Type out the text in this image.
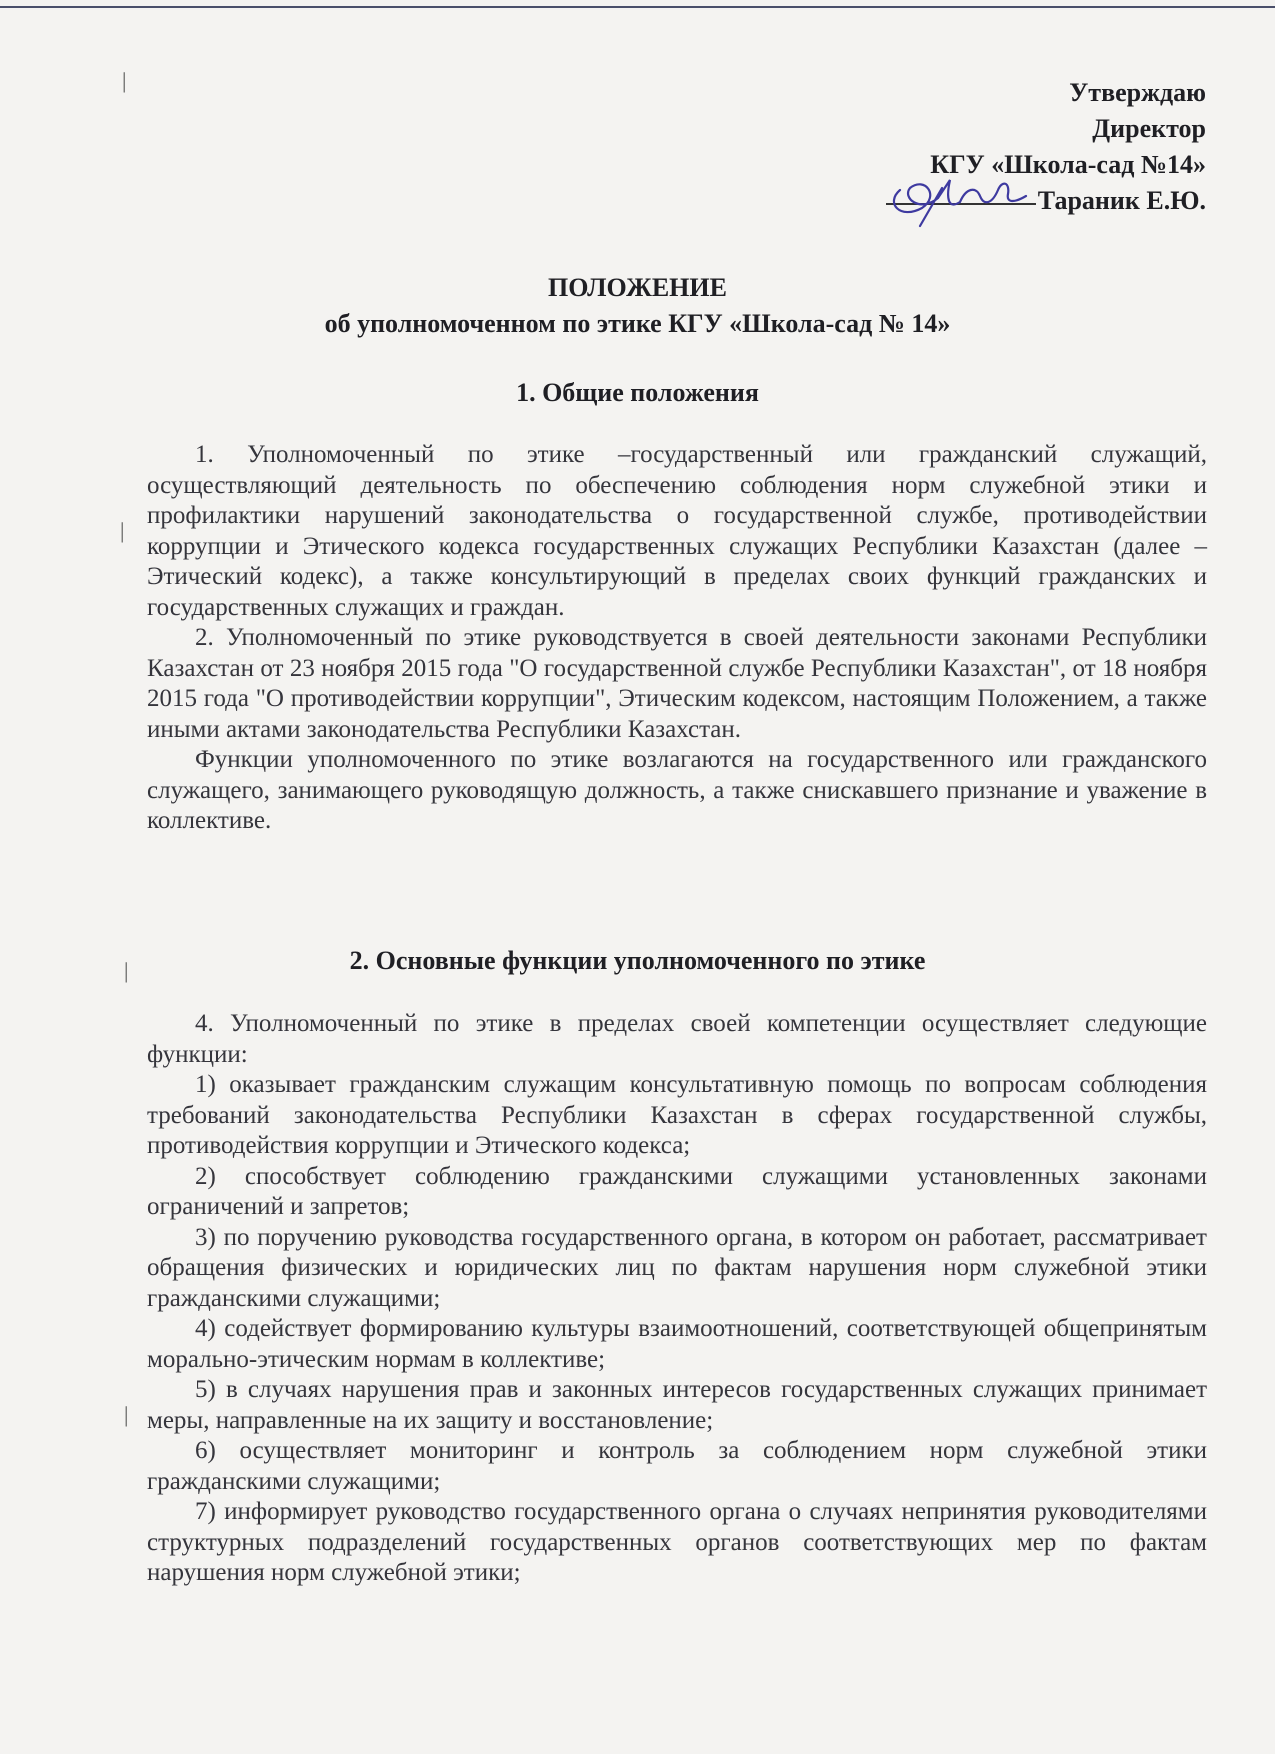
|
|
|
|
Утверждаю
Директор
КГУ «Школа-сад №14»
Тараник Е.Ю.
ПОЛОЖЕНИЕ
об уполномоченном по этике КГУ «Школа-сад № 14»
1. Общие положения

1. Уполномоченный по этике –государственный или гражданский служащий, осуществляющий деятельность по обеспечению соблюдения норм служебной этики и профилактики нарушений законодательства о государственной службе, противодействии коррупции и Этического кодекса государственных служащих Республики Казахстан (далее – Этический кодекс), а также консультирующий в пределах своих функций гражданских и государственных служащих и граждан.

2. Уполномоченный по этике руководствуется в своей деятельности законами Республики Казахстан от 23 ноября 2015 года "О государственной службе Республики Казахстан", от 18 ноября 2015 года "О противодействии коррупции", Этическим кодексом, настоящим Положением, а также иными актами законодательства Республики Казахстан.

Функции уполномоченного по этике возлагаются на государственного или гражданского служащего, занимающего руководящую должность, а также снискавшего признание и уважение в коллективе.

2. Основные функции уполномоченного по этике

4. Уполномоченный по этике в пределах своей компетенции осуществляет следующие функции:

1) оказывает гражданским служащим консультативную помощь по вопросам соблюдения требований законодательства Республики Казахстан в сферах государственной службы, противодействия коррупции и Этического кодекса;

2) способствует соблюдению гражданскими служащими установленных законами ограничений и запретов;

3) по поручению руководства государственного органа, в котором он работает, рассматривает обращения физических и юридических лиц по фактам нарушения норм служебной этики гражданскими служащими;

4) содействует формированию культуры взаимоотношений, соответствующей общепринятым морально-этическим нормам в коллективе;

5) в случаях нарушения прав и законных интересов государственных служащих принимает меры, направленные на их защиту и восстановление;

6) осуществляет мониторинг и контроль за соблюдением норм служебной этики гражданскими служащими;

7) информирует руководство государственного органа о случаях непринятия руководителями структурных подразделений государственных органов соответствующих мер по фактам нарушения норм служебной этики;
